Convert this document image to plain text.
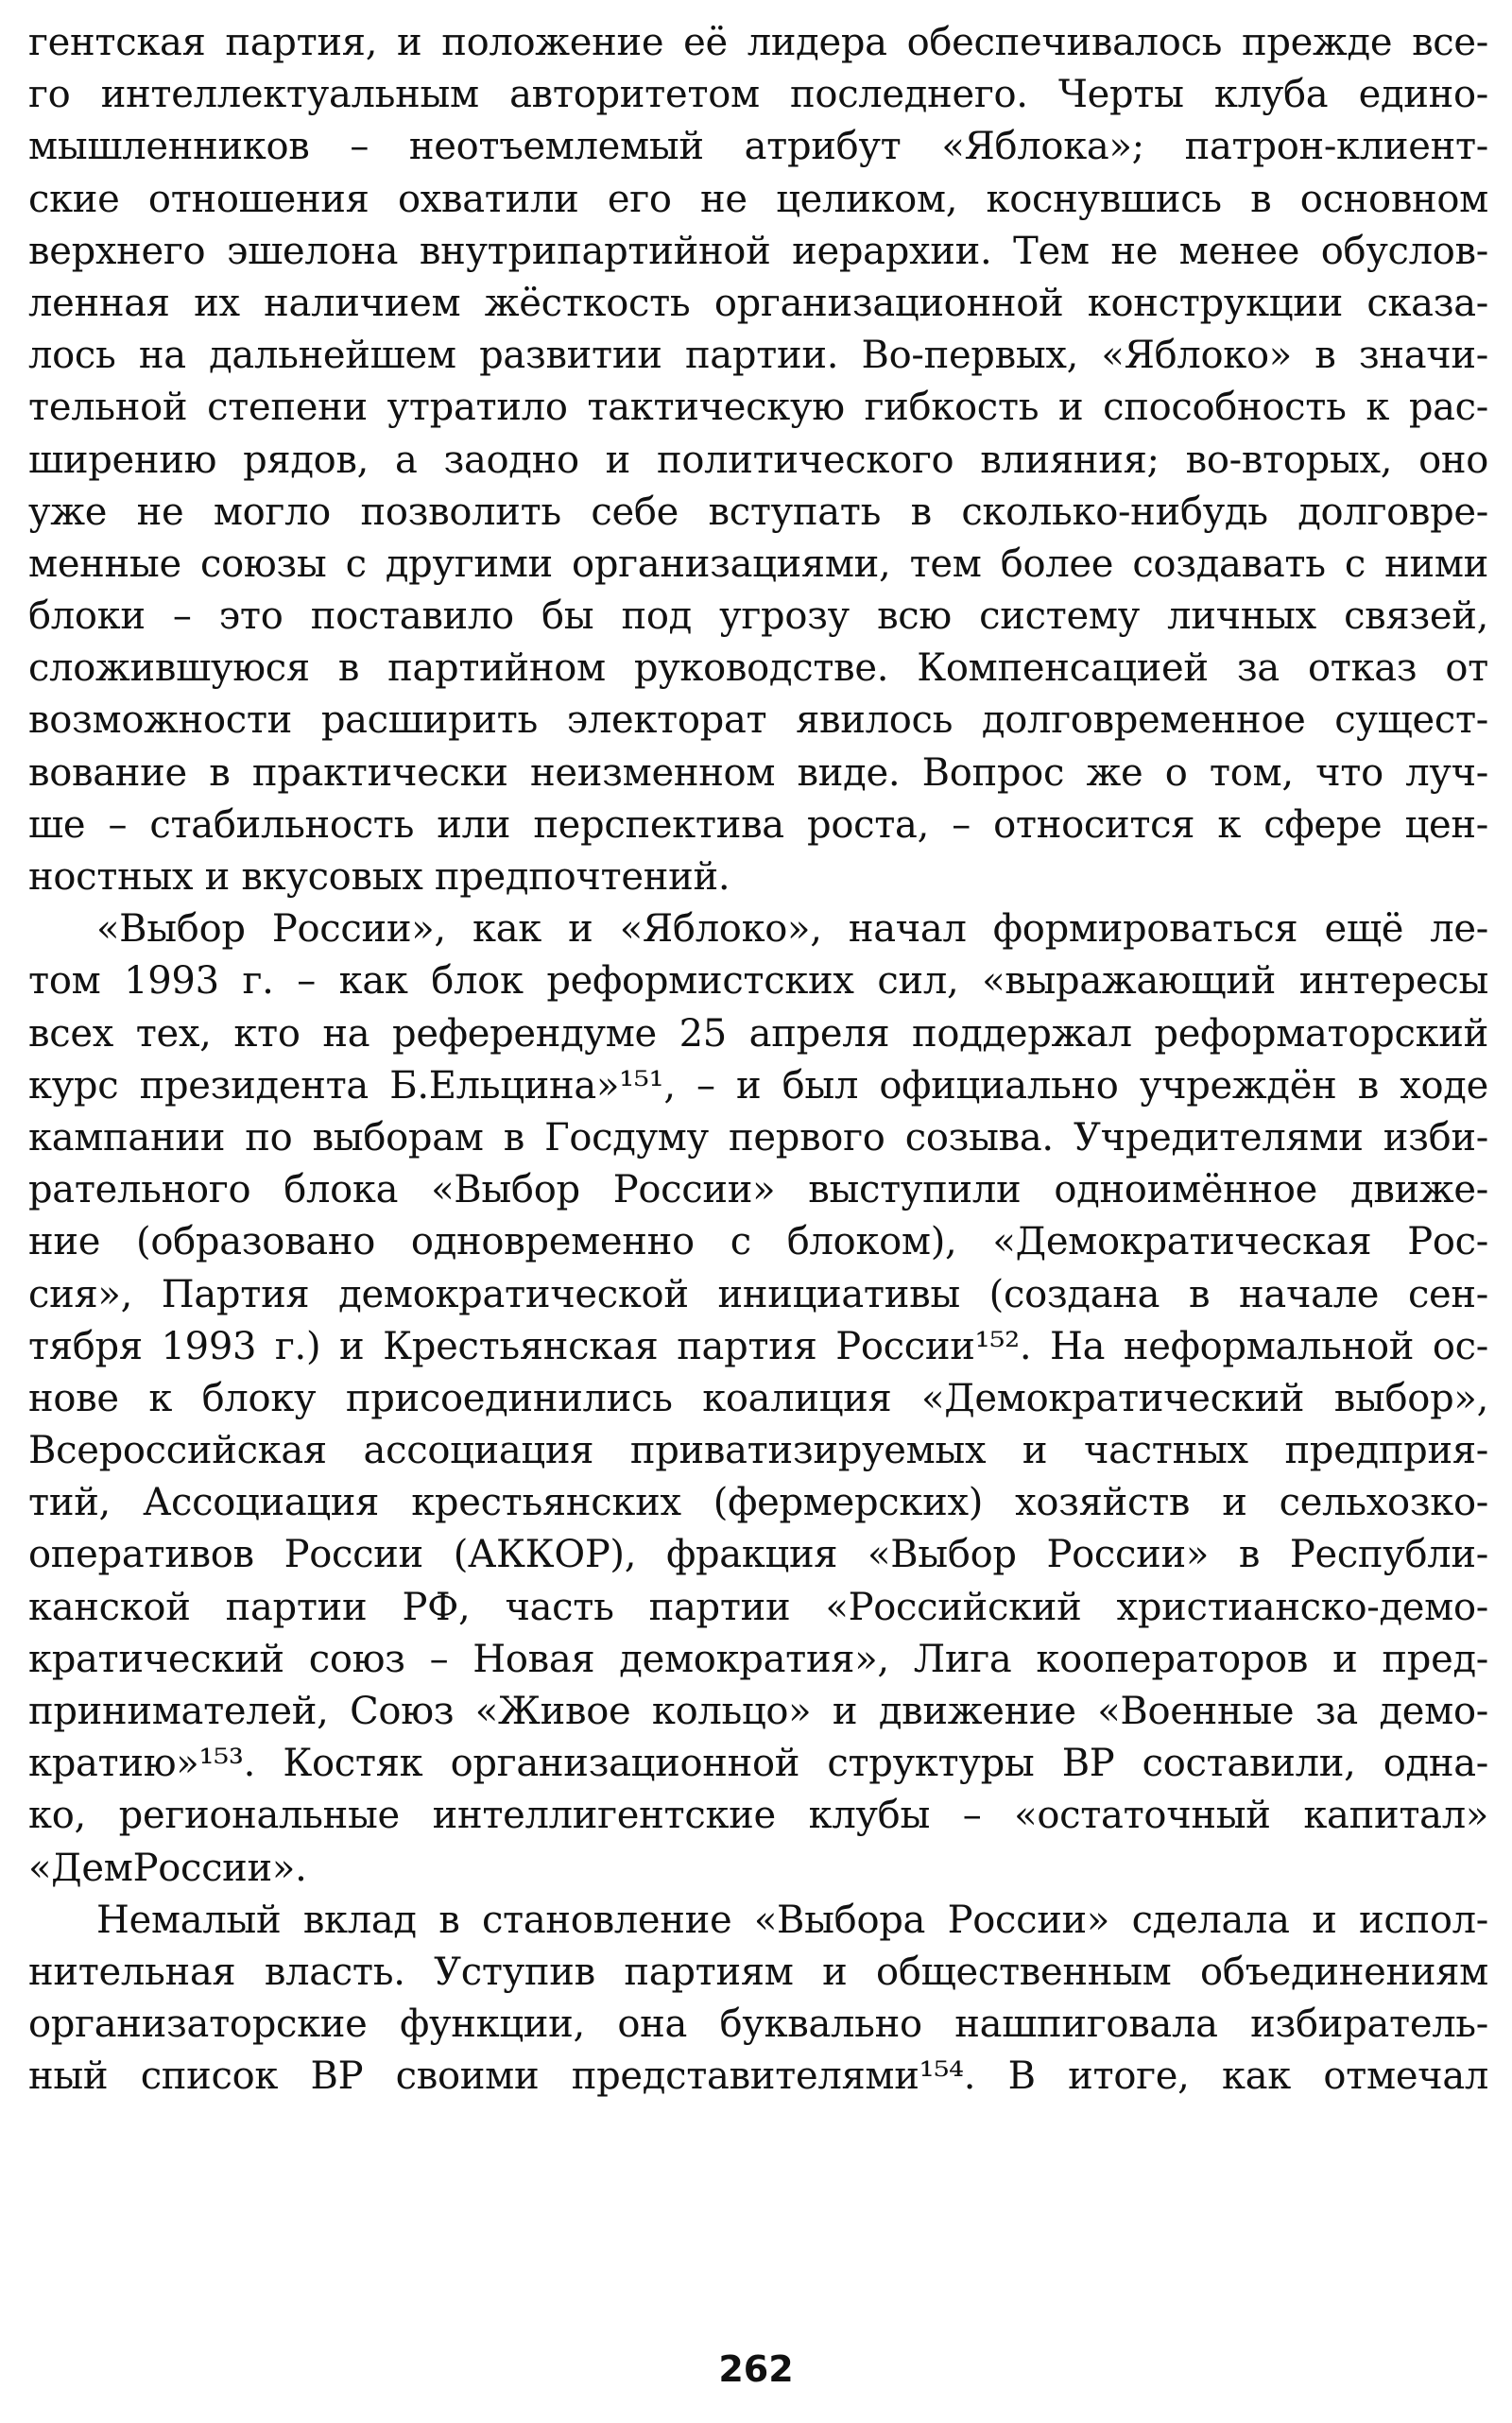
гентская партия, и положение её лидера обеспечивалось прежде все-
го интеллектуальным авторитетом последнего. Черты клуба едино-
мышленников – неотъемлемый атрибут «Яблока»; патрон-клиент-
ские отношения охватили его не целиком, коснувшись в основном
верхнего эшелона внутрипартийной иерархии. Тем не менее обуслов-
ленная их наличием жёсткость организационной конструкции сказа-
лось на дальнейшем развитии партии. Во-первых, «Яблоко» в значи-
тельной степени утратило тактическую гибкость и способность к рас-
ширению рядов, а заодно и политического влияния; во-вторых, оно
уже не могло позволить себе вступать в сколько-нибудь долговре-
менные союзы с другими организациями, тем более создавать с ними
блоки – это поставило бы под угрозу всю систему личных связей,
сложившуюся в партийном руководстве. Компенсацией за отказ от
возможности расширить электорат явилось долговременное сущест-
вование в практически неизменном виде. Вопрос же о том, что луч-
ше – стабильность или перспектива роста, – относится к сфере цен-
ностных и вкусовых предпочтений.
«Выбор России», как и «Яблоко», начал формироваться ещё ле-
том 1993 г. – как блок реформистских сил, «выражающий интересы
всех тех, кто на референдуме 25 апреля поддержал реформаторский
курс президента Б.Ельцина»¹⁵¹, – и был официально учреждён в ходе
кампании по выборам в Госдуму первого созыва. Учредителями изби-
рательного блока «Выбор России» выступили одноимённое движе-
ние (образовано одновременно с блоком), «Демократическая Рос-
сия», Партия демократической инициативы (создана в начале сен-
тября 1993 г.) и Крестьянская партия России¹⁵². На неформальной ос-
нове к блоку присоединились коалиция «Демократический выбор»,
Всероссийская ассоциация приватизируемых и частных предприя-
тий, Ассоциация крестьянских (фермерских) хозяйств и сельхозко-
оперативов России (АККОР), фракция «Выбор России» в Республи-
канской партии РФ, часть партии «Российский христианско-демо-
кратический союз – Новая демократия», Лига кооператоров и пред-
принимателей, Союз «Живое кольцо» и движение «Военные за демо-
кратию»¹⁵³. Костяк организационной структуры ВР составили, одна-
ко, региональные интеллигентские клубы – «остаточный капитал»
«ДемРоссии».
Немалый вклад в становление «Выбора России» сделала и испол-
нительная власть. Уступив партиям и общественным объединениям
организаторские функции, она буквально нашпиговала избиратель-
ный список ВР своими представителями¹⁵⁴. В итоге, как отмечал
262
